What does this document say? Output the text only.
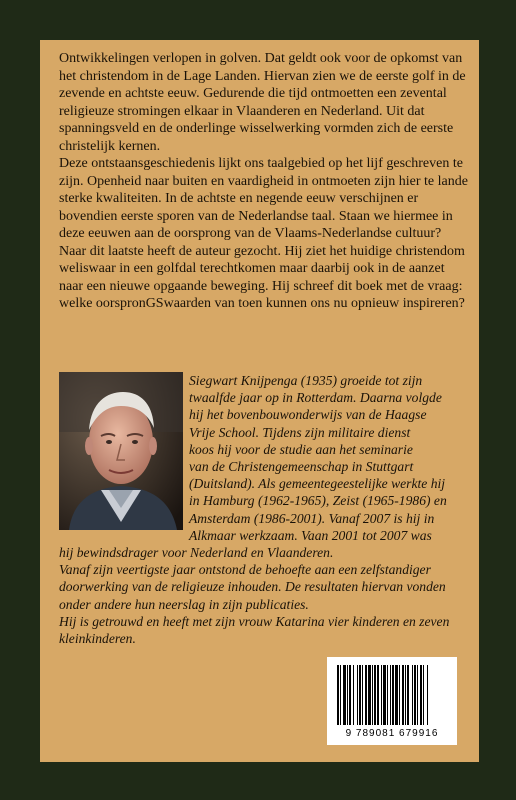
Ontwikkelingen verlopen in golven. Dat geldt ook voor de opkomst van het christendom in de Lage Landen. Hiervan zien we de eerste golf in de zevende en achtste eeuw. Gedurende die tijd ontmoetten een zevental religieuze stromingen elkaar in Vlaanderen en Nederland. Uit dat spanningsveld en de onderlinge wisselwerking vormden zich de eerste christelijk kernen.

Deze ontstaansgeschiedenis lijkt ons taalgebied op het lijf geschreven te zijn. Openheid naar buiten en vaardigheid in ontmoeten zijn hier te lande sterke kwaliteiten. In de achtste en negende eeuw verschijnen er bovendien eerste sporen van de Nederlandse taal. Staan we hiermee in deze eeuwen aan de oorsprong van de Vlaams-Nederlandse cultuur?

Naar dit laatste heeft de auteur gezocht. Hij ziet het huidige christendom weliswaar in een golfdal terechtkomen maar daarbij ook in de aanzet naar een nieuwe opgaande beweging. Hij schreef dit boek met de vraag: welke oorspronGSwaarden van toen kunnen ons nu opnieuw inspireren?

Siegwart Knijpenga (1935) groeide tot zijn
twaalfde jaar op in Rotterdam. Daarna volgde
hij het bovenbouwonderwijs van de Haagse
Vrije School. Tijdens zijn militaire dienst
koos hij voor de studie aan het seminarie
van de Christengemeenschap in Stuttgart
(Duitsland). Als gemeentegeestelijke werkte hij
in Hamburg (1962-1965), Zeist (1965-1986) en
Amsterdam (1986-2001). Vanaf 2007 is hij in
Alkmaar werkzaam. Vaan 2001 tot 2007 was

hij bewindsdrager voor Nederland en Vlaanderen.

Vanaf zijn veertigste jaar ontstond de behoefte aan een zelfstandiger doorwerking van de religieuze inhouden. De resultaten hiervan vonden onder andere hun neerslag in zijn publicaties.

Hij is getrouwd en heeft met zijn vrouw Katarina vier kinderen en zeven kleinkinderen.

9 789081 679916
